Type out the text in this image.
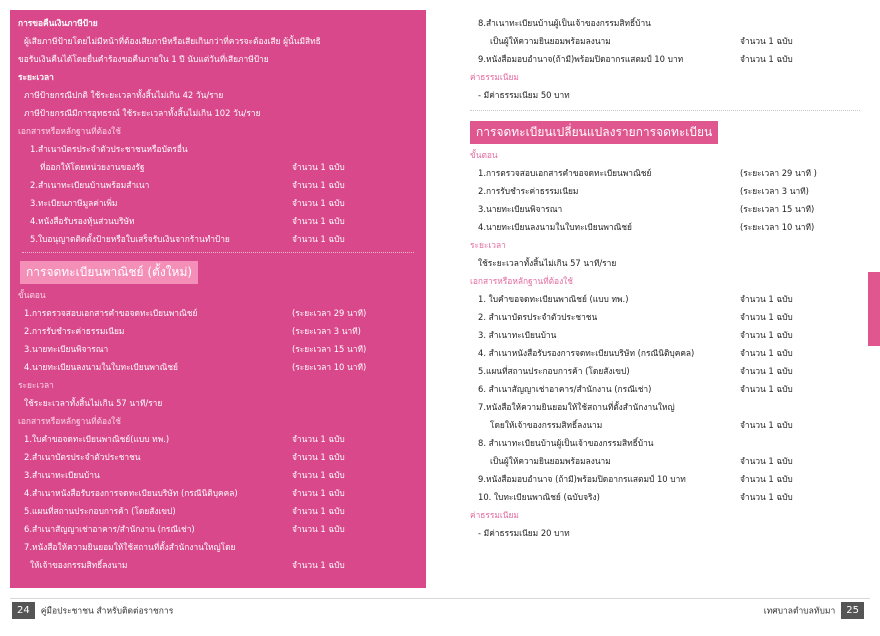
การขอคืนเงินภาษีป้าย
ผู้เสียภาษีป้ายโดยไม่มีหน้าที่ต้องเสียภาษีหรือเสียเกินกว่าที่ควรจะต้องเสีย ผู้นั้นมีสิทธิ
ขอรับเงินคืนได้โดยยื่นคำร้องขอคืนภายใน 1 ปี นับแต่วันที่เสียภาษีป้าย
ระยะเวลา
ภาษีป้ายกรณีปกติ ใช้ระยะเวลาทั้งสิ้นไม่เกิน 42 วัน/ราย
ภาษีป้ายกรณีมีการอุทธรณ์ ใช้ระยะเวลาทั้งสิ้นไม่เกิน 102 วัน/ราย
เอกสารหรือหลักฐานที่ต้องใช้
1.สำเนาบัตรประจำตัวประชาชนหรือบัตรอื่น
ที่ออกให้โดยหน่วยงานของรัฐ	จำนวน 1 ฉบับ
2.สำเนาทะเบียนบ้านพร้อมสำเนา	จำนวน 1 ฉบับ
3.ทะเบียนภาษีมูลค่าเพิ่ม	จำนวน 1 ฉบับ
4.หนังสือรับรองหุ้นส่วนบริษัท	จำนวน 1 ฉบับ
5.ใบอนุญาตติดตั้งป้ายหรือใบเสร็จรับเงินจากร้านทำป้าย	จำนวน 1 ฉบับ
การจดทะเบียนพาณิชย์ (ตั้งใหม่)
ขั้นตอน
1.การตรวจสอบเอกสารคำขอจดทะเบียนพาณิชย์	(ระยะเวลา 29 นาที)
2.การรับชำระค่าธรรมเนียม	(ระยะเวลา 3 นาที)
3.นายทะเบียนพิจารณา	(ระยะเวลา 15 นาที)
4.นายทะเบียนลงนามในใบทะเบียนพาณิชย์	(ระยะเวลา 10 นาที)
ระยะเวลา
ใช้ระยะเวลาทั้งสิ้นไม่เกิน 57 นาที/ราย
เอกสารหรือหลักฐานที่ต้องใช้
1.ใบคำขอจดทะเบียนพาณิชย์(แบบ ทพ.)	จำนวน 1 ฉบับ
2.สำเนาบัตรประจำตัวประชาชน	จำนวน 1 ฉบับ
3.สำเนาทะเบียนบ้าน	จำนวน 1 ฉบับ
4.สำเนาหนังสือรับรองการจดทะเบียนบริษัท (กรณีนิติบุคคล)	จำนวน 1 ฉบับ
5.แผนที่สถานประกอบการค้า (โดยสังเขป)	จำนวน 1 ฉบับ
6.สำเนาสัญญาเช่าอาคาร/สำนักงาน (กรณีเช่า)	จำนวน 1 ฉบับ
7.หนังสือให้ความยินยอมให้ใช้สถานที่ตั้งสำนักงานใหญ่โดย
ให้เจ้าของกรรมสิทธิ์ลงนาม	จำนวน 1 ฉบับ
8.สำเนาทะเบียนบ้านผู้เป็นเจ้าของกรรมสิทธิ์บ้าน
เป็นผู้ให้ความยินยอมพร้อมลงนาม	จำนวน 1 ฉบับ
9.หนังสือมอบอำนาจ(ถ้ามี)พร้อมปิดอากรแสตมป์ 10 บาท	จำนวน 1 ฉบับ
ค่าธรรมเนียม
- มีค่าธรรมเนียม 50 บาท
การจดทะเบียนเปลี่ยนแปลงรายการจดทะเบียน
ขั้นตอน
1.การตรวจสอบเอกสารคำขอจดทะเบียนพาณิชย์	(ระยะเวลา 29 นาที )
2.การรับชำระค่าธรรมเนียม	(ระยะเวลา 3 นาที)
3.นายทะเบียนพิจารณา	(ระยะเวลา 15 นาที)
4.นายทะเบียนลงนามในใบทะเบียนพาณิชย์	(ระยะเวลา 10 นาที)
ระยะเวลา
ใช้ระยะเวลาทั้งสิ้นไม่เกิน 57 นาที/ราย
เอกสารหรือหลักฐานที่ต้องใช้
1. ใบคำขอจดทะเบียนพาณิชย์ (แบบ ทพ.)	จำนวน 1 ฉบับ
2. สำเนาบัตรประจำตัวประชาชน	จำนวน 1 ฉบับ
3. สำเนาทะเบียนบ้าน	จำนวน 1 ฉบับ
4. สำเนาหนังสือรับรองการจดทะเบียนบริษัท (กรณีนิติบุคคล)	จำนวน 1 ฉบับ
5.แผนที่สถานประกอบการค้า (โดยสังเขป)	จำนวน 1 ฉบับ
6. สำเนาสัญญาเช่าอาคาร/สำนักงาน (กรณีเช่า)	จำนวน 1 ฉบับ
7.หนังสือให้ความยินยอมให้ใช้สถานที่ตั้งสำนักงานใหญ่
โดยให้เจ้าของกรรมสิทธิ์ลงนาม	จำนวน 1 ฉบับ
8. สำเนาทะเบียนบ้านผู้เป็นเจ้าของกรรมสิทธิ์บ้าน
เป็นผู้ให้ความยินยอมพร้อมลงนาม	จำนวน 1 ฉบับ
9.หนังสือมอบอำนาจ (ถ้ามี)พร้อมปิดอากรแสตมป์ 10 บาท	จำนวน 1 ฉบับ
10. ใบทะเบียนพาณิชย์ (ฉบับจริง)	จำนวน 1 ฉบับ
ค่าธรรมเนียม
- มีค่าธรรมเนียม 20 บาท
24 คู่มือประชาชน สำหรับติดต่อราชการ	เทศบาลตำบลทับมา 25
